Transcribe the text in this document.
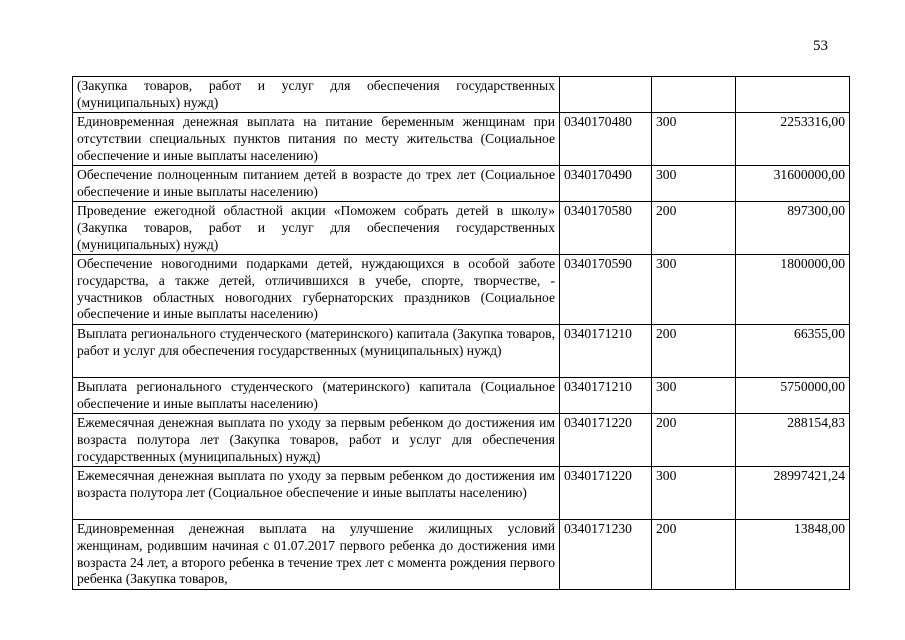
53
(Закупка товаров, работ и услуг для обеспечения государственных (муниципальных) нужд)			
Единовременная денежная выплата на питание беременным женщинам при отсутствии специальных пунктов питания по месту жительства (Социальное обеспечение и иные выплаты населению)	0340170480	300	2253316,00
Обеспечение полноценным питанием детей в возрасте до трех лет (Социальное обеспечение и иные выплаты населению)	0340170490	300	31600000,00
Проведение ежегодной областной акции «Поможем собрать детей в школу» (Закупка товаров, работ и услуг для обеспечения государственных (муниципальных) нужд)	0340170580	200	897300,00
Обеспечение новогодними подарками детей, нуждающихся в особой заботе государства, а также детей, отличившихся в учебе, спорте, творчестве, - участников областных новогодних губернаторских праздников (Социальное обеспечение и иные выплаты населению)	0340170590	300	1800000,00
Выплата регионального студенческого (материнского) капитала (Закупка товаров, работ и услуг для обеспечения государственных (муниципальных) нужд)	0340171210	200	66355,00
Выплата регионального студенческого (материнского) капитала (Социальное обеспечение и иные выплаты населению)	0340171210	300	5750000,00
Ежемесячная денежная выплата по уходу за первым ребенком до достижения им возраста полутора лет (Закупка товаров, работ и услуг для обеспечения государственных (муниципальных) нужд)	0340171220	200	288154,83
Ежемесячная денежная выплата по уходу за первым ребенком до достижения им возраста полутора лет (Социальное обеспечение и иные выплаты населению)	0340171220	300	28997421,24
Единовременная денежная выплата на улучшение жилищных условий женщинам, родившим начиная с 01.07.2017 первого ребенка до достижения ими возраста 24 лет, а второго ребенка в течение трех лет с момента рождения первого ребенка (Закупка товаров,	0340171230	200	13848,00
